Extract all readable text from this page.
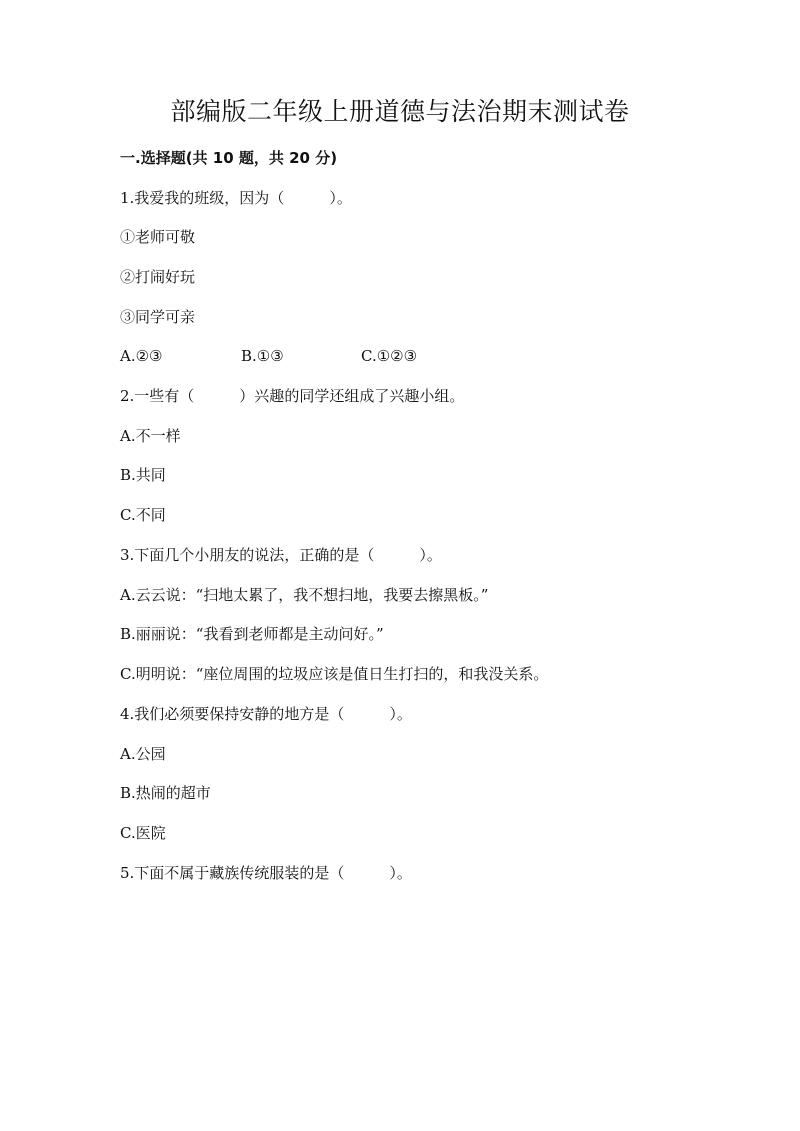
部编版二年级上册道德与法治期末测试卷
一.选择题(共 10 题，共 20 分)
1.我爱我的班级，因为（　　　）。
①老师可敬
②打闹好玩
③同学可亲
A.②③	B.①③	C.①②③
2.一些有（　　　）兴趣的同学还组成了兴趣小组。
A.不一样
B.共同
C.不同
3.下面几个小朋友的说法，正确的是（　　　）。
A.云云说：“扫地太累了，我不想扫地，我要去擦黑板。”
B.丽丽说：“我看到老师都是主动问好。”
C.明明说：“座位周围的垃圾应该是值日生打扫的，和我没关系。
4.我们必须要保持安静的地方是（　　　）。
A.公园
B.热闹的超市
C.医院
5.下面不属于藏族传统服装的是（　　　）。
